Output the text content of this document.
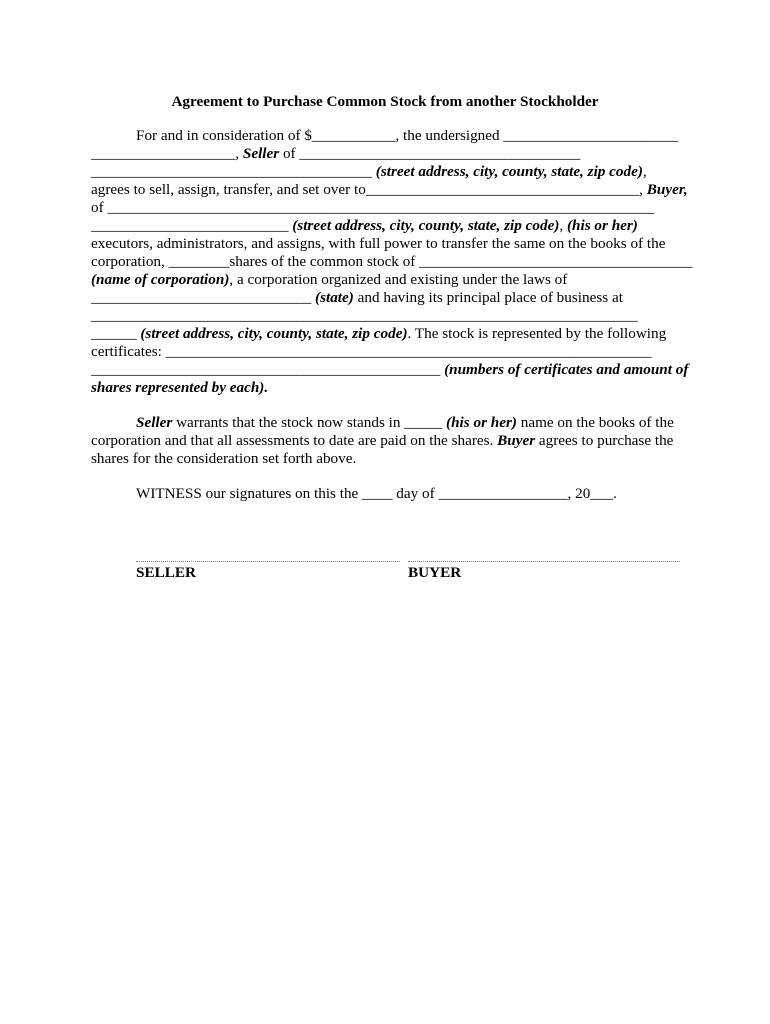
Agreement to Purchase Common Stock from another Stockholder
For and in consideration of $___________, the undersigned _______________________
___________________, Seller of _____________________________________
_____________________________________ (street address, city, county, state, zip code),
agrees to sell, assign, transfer, and set over to____________________________________, Buyer,
of ________________________________________________________________________
__________________________ (street address, city, county, state, zip code), (his or her)
executors, administrators, and assigns, with full power to transfer the same on the books of the
corporation, ________shares of the common stock of ____________________________________
(name of corporation), a corporation organized and existing under the laws of
_____________________________ (state) and having its principal place of business at
________________________________________________________________________
______ (street address, city, county, state, zip code). The stock is represented by the following
certificates: ________________________________________________________________
______________________________________________ (numbers of certificates and amount of
shares represented by each).
Seller warrants that the stock now stands in _____ (his or her) name on the books of the
corporation and that all assessments to date are paid on the shares. Buyer agrees to purchase the
shares for the consideration set forth above.
WITNESS our signatures on this the ____ day of _________________, 20___.
SELLER	BUYER
